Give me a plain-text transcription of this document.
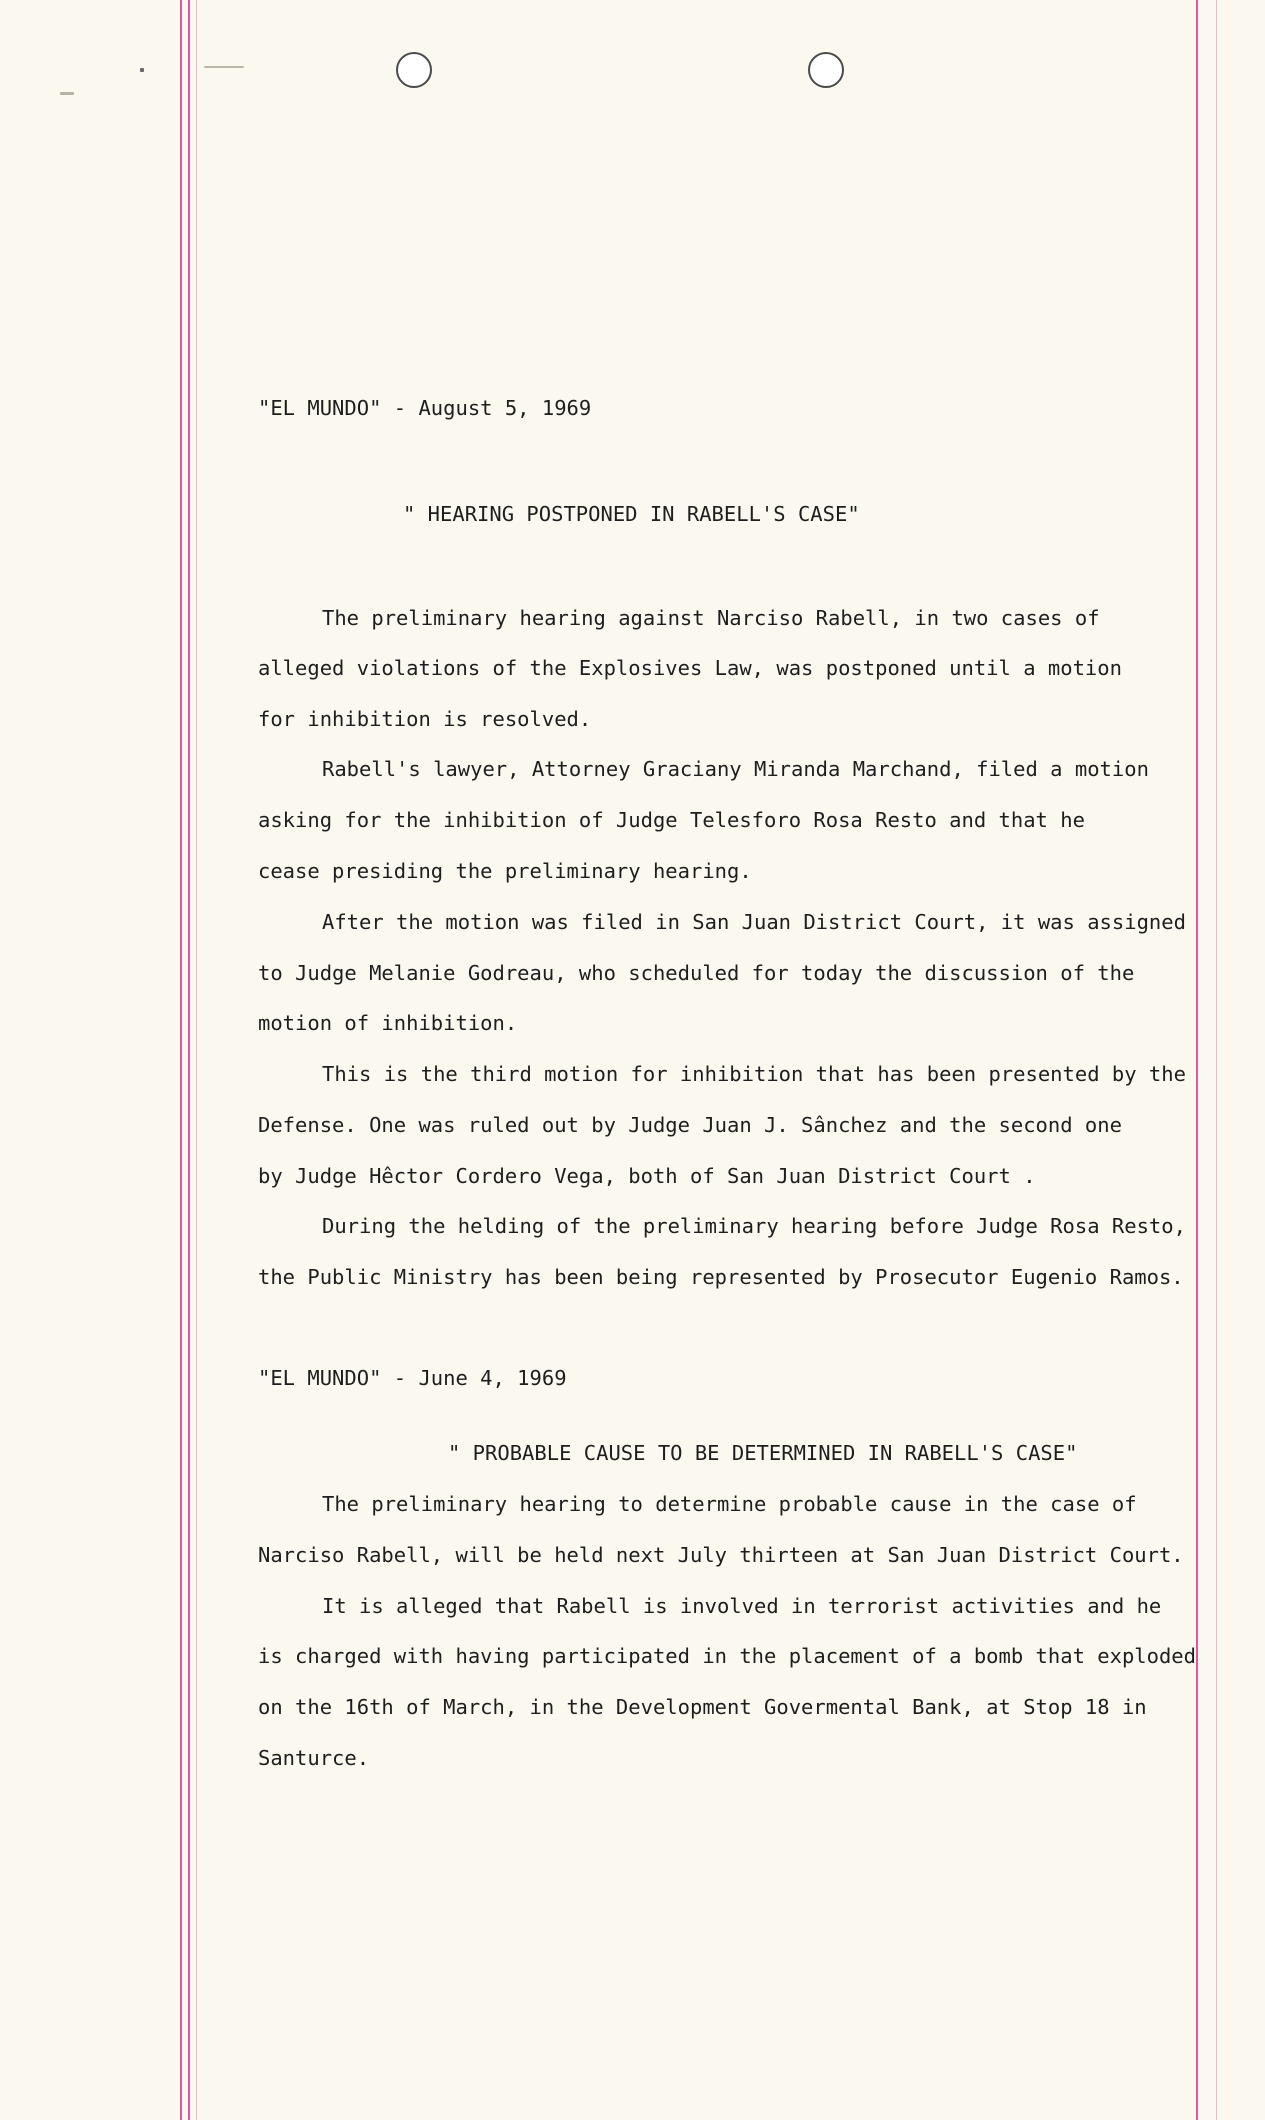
"EL MUNDO" - August 5, 1969
" HEARING POSTPONED IN RABELL'S CASE"
The preliminary hearing against Narciso Rabell, in two cases of
alleged violations of the Explosives Law, was postponed until a motion
for inhibition is resolved.
Rabell's lawyer, Attorney Graciany Miranda Marchand, filed a motion
asking for the inhibition of Judge Telesforo Rosa Resto and that he
cease presiding the preliminary hearing.
After the motion was filed in San Juan District Court, it was assigned
to Judge Melanie Godreau, who scheduled for today the discussion of the
motion of inhibition.
This is the third motion for inhibition that has been presented by the
Defense. One was ruled out by Judge Juan J. Sânchez and the second one
by Judge Hêctor Cordero Vega, both of San Juan District Court .
During the helding of the preliminary hearing before Judge Rosa Resto,
the Public Ministry has been being represented by Prosecutor Eugenio Ramos.
"EL MUNDO" - June 4, 1969
" PROBABLE CAUSE TO BE DETERMINED IN RABELL'S CASE"
The preliminary hearing to determine probable cause in the case of
Narciso Rabell, will be held next July thirteen at San Juan District Court.
It is alleged that Rabell is involved in terrorist activities and he
is charged with having participated in the placement of a bomb that exploded
on the 16th of March, in the Development Govermental Bank, at Stop 18 in
Santurce.
